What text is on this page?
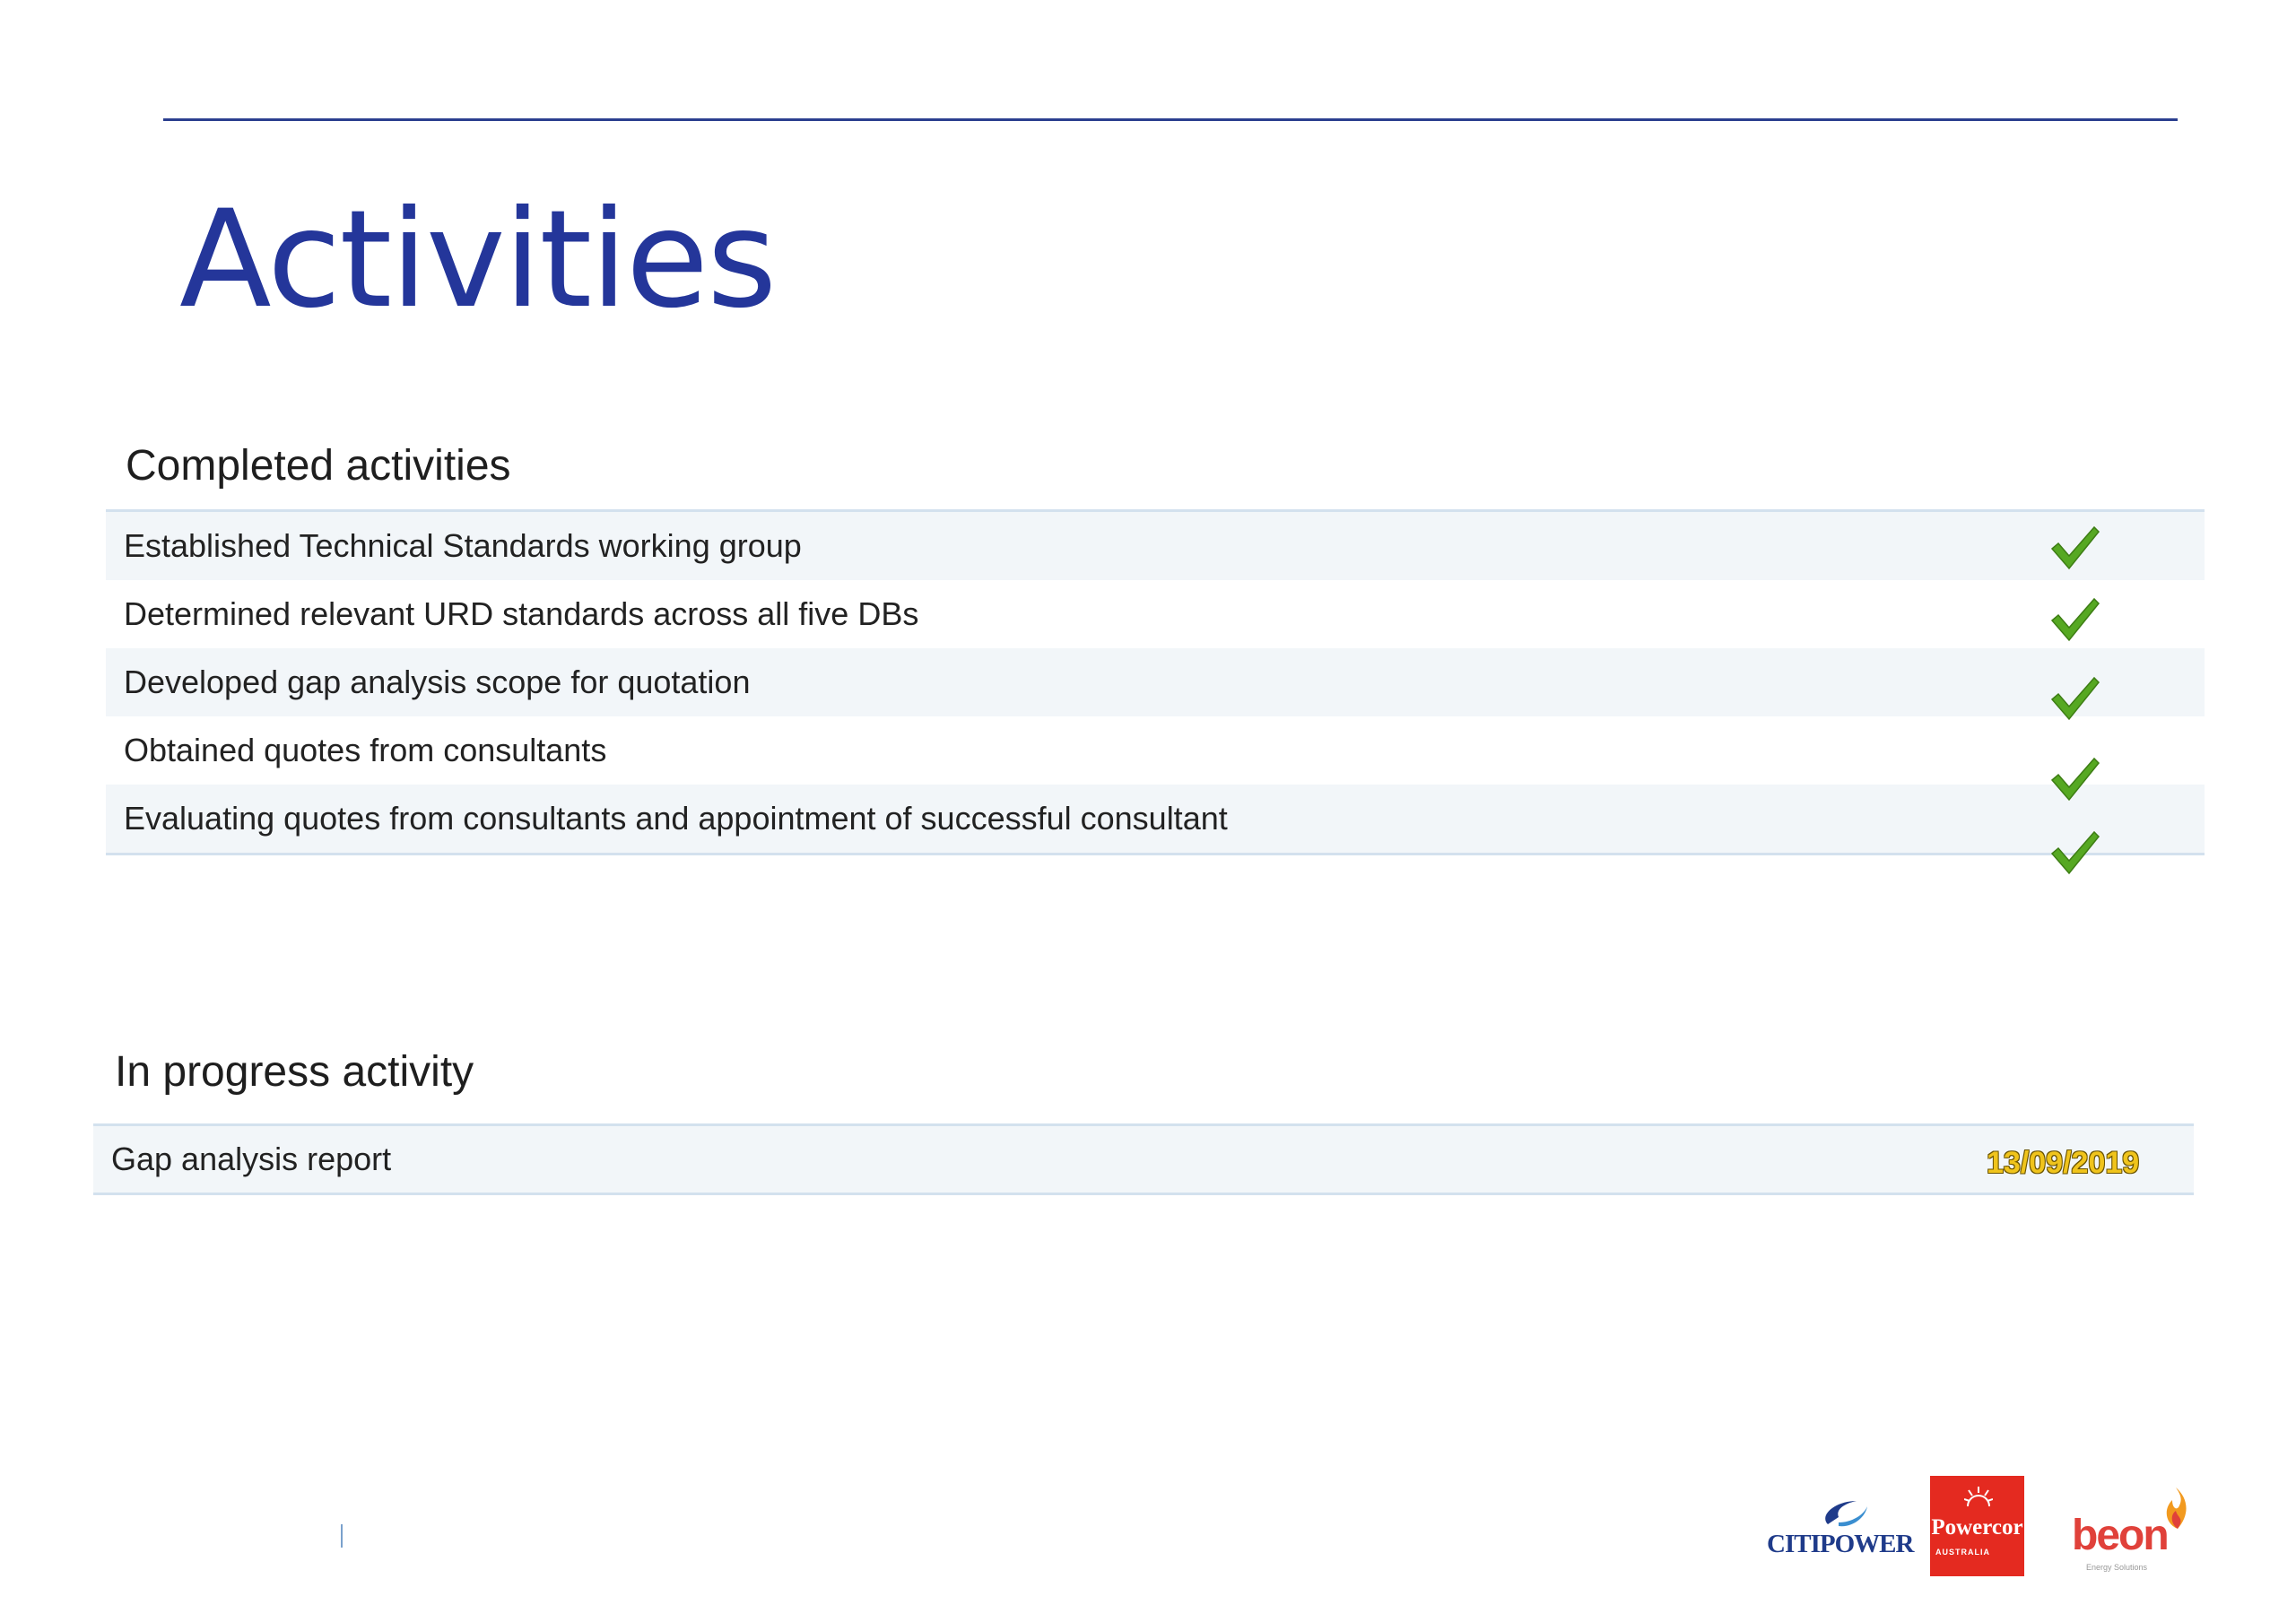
Activities
Completed activities
Established Technical Standards working group
Determined relevant URD standards across all five DBs
Developed gap analysis scope for quotation
Obtained quotes from consultants
Evaluating quotes from consultants and appointment of successful consultant
In progress activity
Gap analysis report	13/09/2019
CITIPOWER
Powercor
AUSTRALIA beon
Energy Solutions
